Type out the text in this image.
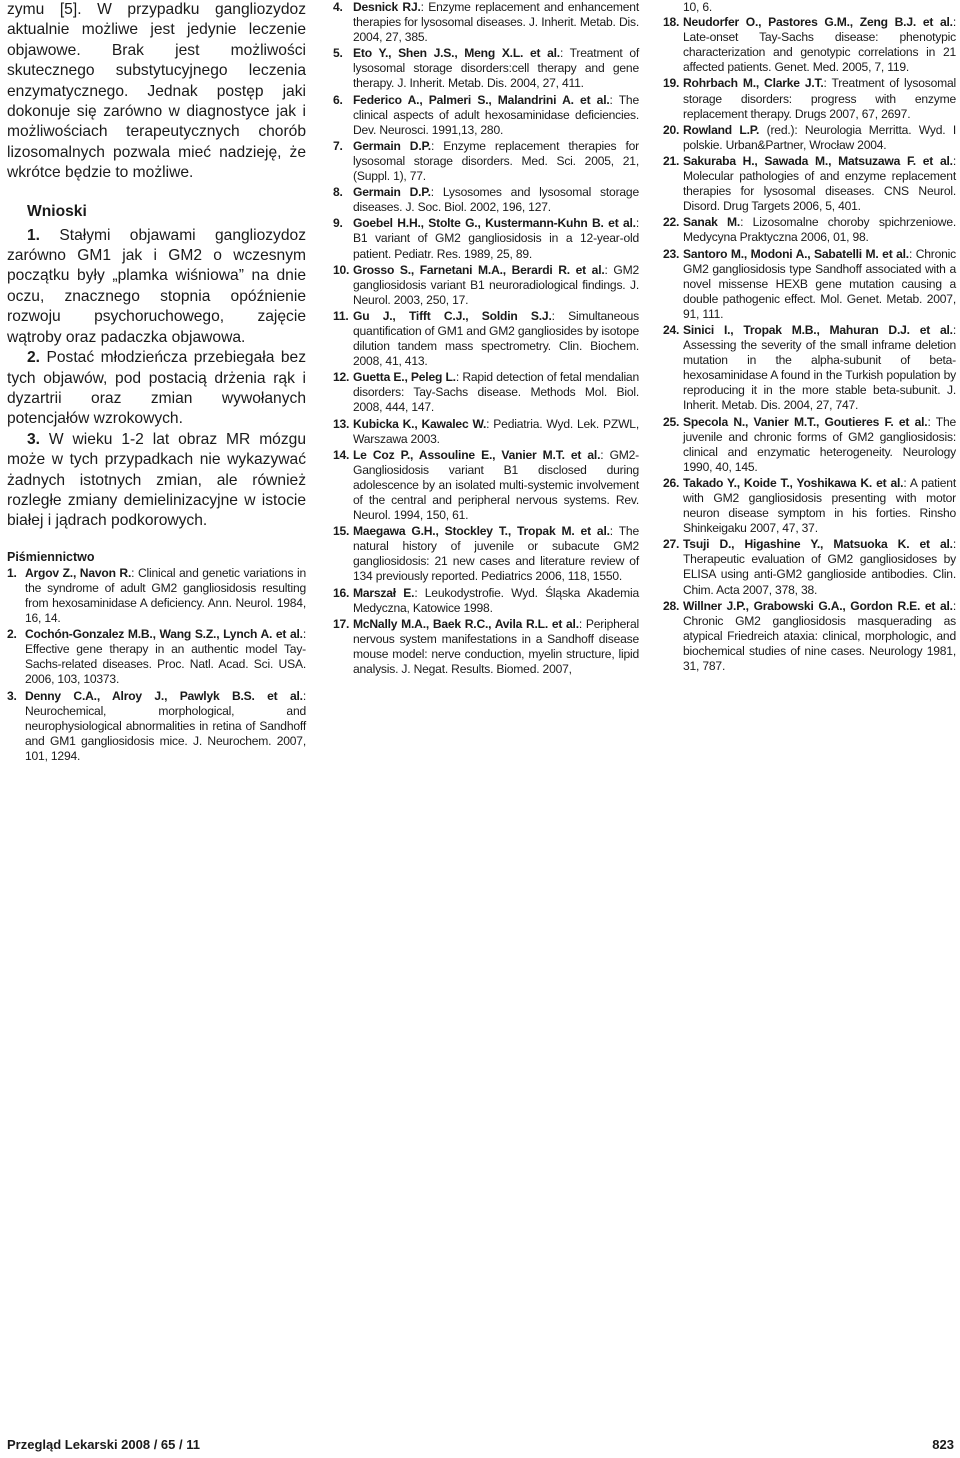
zymu [5]. W przypadku gangliozydoz aktualnie możliwe jest jedynie leczenie objawowe. Brak jest możliwości skutecznego substytucyjnego leczenia enzymatycznego. Jednak postęp jaki dokonuje się zarówno w diagnostyce jak i możliwościach terapeutycznych chorób lizosomalnych pozwala mieć nadzieję, że wkrótce będzie to możliwe.

Wnioski

1. Stałymi objawami gangliozydoz zarówno GM1 jak i GM2 o wczesnym początku były „plamka wiśniowa” na dnie oczu, znacznego stopnia opóźnienie rozwoju psychoruchowego, zajęcie wątroby oraz padaczka objawowa.

2. Postać młodzieńcza przebiegała bez tych objawów, pod postacią drżenia rąk i dyzartrii oraz zmian wywołanych potencjałów wzrokowych.

3. W wieku 1-2 lat obraz MR mózgu może w tych przypadkach nie wykazywać żadnych istotnych zmian, ale również rozległe zmiany demielinizacyjne w istocie białej i jądrach podkorowych.

Piśmiennictwo
1. Argov Z., Navon R.: Clinical and genetic variations in the syndrome of adult GM2 gangliosidosis resulting from hexosaminidase A deficiency. Ann. Neurol. 1984, 16, 14.
2. Cochón-Gonzalez M.B., Wang S.Z., Lynch A. et al.: Effective gene therapy in an authentic model Tay-Sachs-related diseases. Proc. Natl. Acad. Sci. USA. 2006, 103, 10373.
3. Denny C.A., Alroy J., Pawlyk B.S. et al.: Neurochemical, morphological, and neurophysiological abnormalities in retina of Sandhoff and GM1 gangliosidosis mice. J. Neurochem. 2007, 101, 1294.
4. Desnick RJ.: Enzyme replacement and enhancement therapies for lysosomal diseases. J. Inherit. Metab. Dis. 2004, 27, 385.
5. Eto Y., Shen J.S., Meng X.L. et al.: Treatment of lysosomal storage disorders:cell therapy and gene therapy. J. Inherit. Metab. Dis. 2004, 27, 411.
6. Federico A., Palmeri S., Malandrini A. et al.: The clinical aspects of adult hexosaminidase deficiencies. Dev. Neurosci. 1991,13, 280.
7. Germain D.P.: Enzyme replacement therapies for lysosomal storage disorders. Med. Sci. 2005, 21, (Suppl. 1), 77.
8. Germain D.P.: Lysosomes and lysosomal storage diseases. J. Soc. Biol. 2002, 196, 127.
9. Goebel H.H., Stolte G., Kustermann-Kuhn B. et al.: B1 variant of GM2 gangliosidosis in a 12-year-old patient. Pediatr. Res. 1989, 25, 89.
10. Grosso S., Farnetani M.A., Berardi R. et al.: GM2 gangliosidosis variant B1 neuroradiological findings. J. Neurol. 2003, 250, 17.
11. Gu J., Tifft C.J., Soldin S.J.: Simultaneous quantification of GM1 and GM2 gangliosides by isotope dilution tandem mass spectrometry. Clin. Biochem. 2008, 41, 413.
12. Guetta E., Peleg L.: Rapid detection of fetal mendalian disorders: Tay-Sachs disease. Methods Mol. Biol. 2008, 444, 147.
13. Kubicka K., Kawalec W.: Pediatria. Wyd. Lek. PZWL, Warszawa 2003.
14. Le Coz P., Assouline E., Vanier M.T. et al.: GM2-Gangliosidosis variant B1 disclosed during adolescence by an isolated multi-systemic involvement of the central and peripheral nervous systems. Rev. Neurol. 1994, 150, 61.
15. Maegawa G.H., Stockley T., Tropak M. et al.: The natural history of juvenile or subacute GM2 gangliosidosis: 21 new cases and literature review of 134 previously reported. Pediatrics 2006, 118, 1550.
16. Marszał E.: Leukodystrofie. Wyd. Śląska Akademia Medyczna, Katowice 1998.
17. McNally M.A., Baek R.C., Avila R.L. et al.: Peripheral nervous system manifestations in a Sandhoff disease mouse model: nerve conduction, myelin structure, lipid analysis. J. Negat. Results. Biomed. 2007,
10, 6.
18. Neudorfer O., Pastores G.M., Zeng B.J. et al.: Late-onset Tay-Sachs disease: phenotypic characterization and genotypic correlations in 21 affected patients. Genet. Med. 2005, 7, 119.
19. Rohrbach M., Clarke J.T.: Treatment of lysosomal storage disorders: progress with enzyme replacement therapy. Drugs 2007, 67, 2697.
20. Rowland L.P. (red.): Neurologia Merritta. Wyd. I polskie. Urban&Partner, Wrocław 2004.
21. Sakuraba H., Sawada M., Matsuzawa F. et al.: Molecular pathologies of and enzyme replacement therapies for lysosomal diseases. CNS Neurol. Disord. Drug Targets 2006, 5, 401.
22. Sanak M.: Lizosomalne choroby spichrzeniowe. Medycyna Praktyczna 2006, 01, 98.
23. Santoro M., Modoni A., Sabatelli M. et al.: Chronic GM2 gangliosidosis type Sandhoff associated with a novel missense HEXB gene mutation causing a double pathogenic effect. Mol. Genet. Metab. 2007, 91, 111.
24. Sinici I., Tropak M.B., Mahuran D.J. et al.: Assessing the severity of the small inframe deletion mutation in the alpha-subunit of beta-hexosaminidase A found in the Turkish population by reproducing it in the more stable beta-subunit. J. Inherit. Metab. Dis. 2004, 27, 747.
25. Specola N., Vanier M.T., Goutieres F. et al.: The juvenile and chronic forms of GM2 gangliosidosis: clinical and enzymatic heterogeneity. Neurology 1990, 40, 145.
26. Takado Y., Koide T., Yoshikawa K. et al.: A patient with GM2 gangliosidosis presenting with motor neuron disease symptom in his forties. Rinsho Shinkeigaku 2007, 47, 37.
27. Tsuji D., Higashine Y., Matsuoka K. et al.: Therapeutic evaluation of GM2 gangliosidoses by ELISA using anti-GM2 ganglioside antibodies. Clin. Chim. Acta 2007, 378, 38.
28. Willner J.P., Grabowski G.A., Gordon R.E. et al.: Chronic GM2 gangliosidosis masquerading as atypical Friedreich ataxia: clinical, morphologic, and biochemical studies of nine cases. Neurology 1981, 31, 787.
Przegląd Lekarski 2008 / 65 / 11	823
